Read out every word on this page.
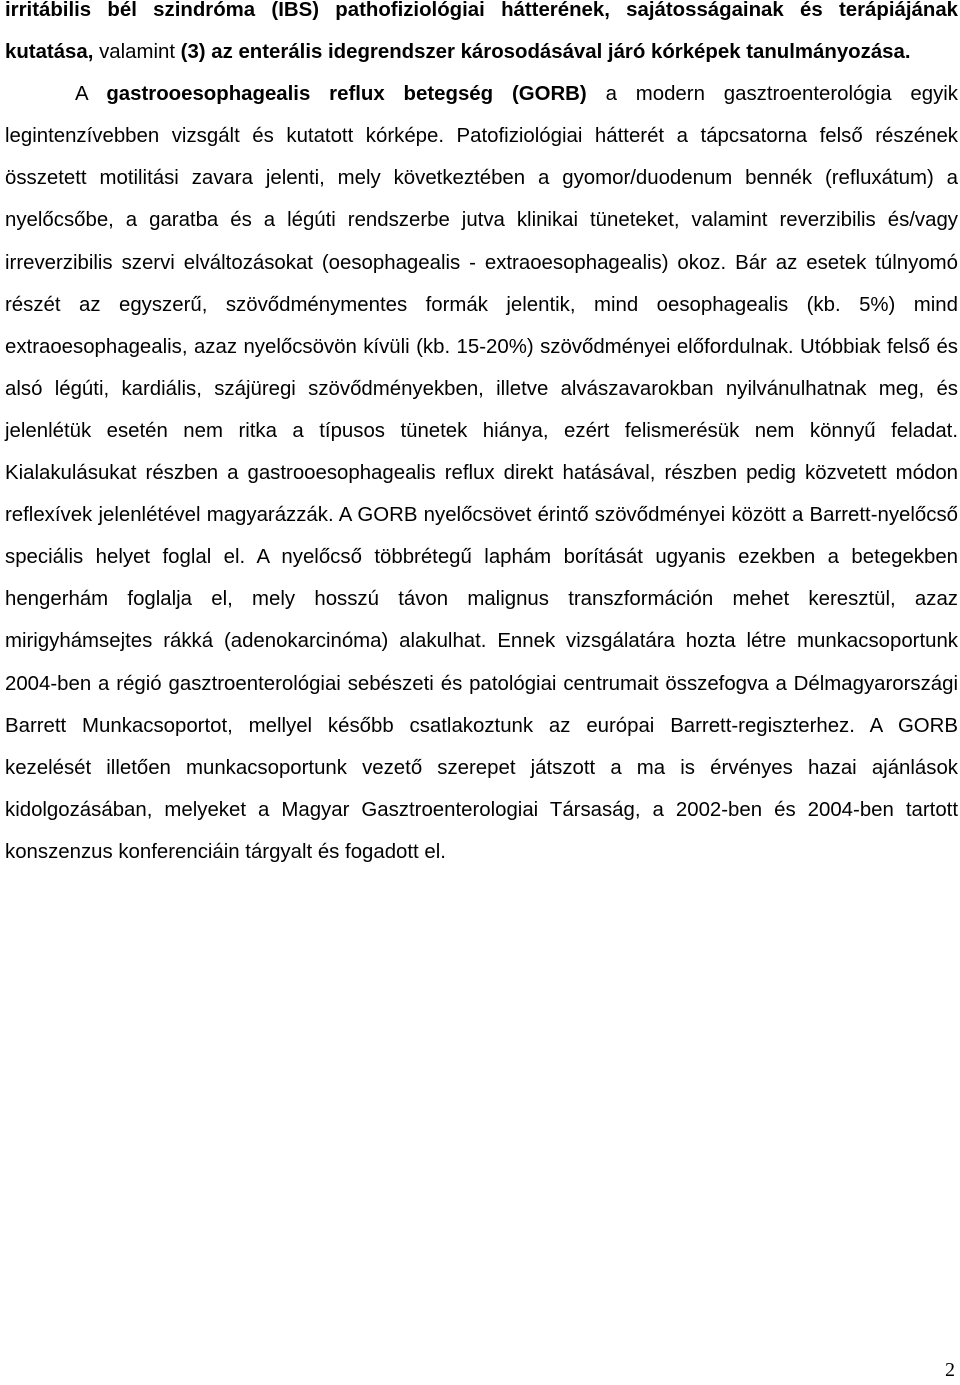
irritábilis bél szindróma (IBS) pathofiziológiai hátterének, sajátosságainak és terápiájának kutatása, valamint (3) az enterális idegrendszer károsodásával járó kórképek tanulmányozása.

A gastrooesophagealis reflux betegség (GORB) a modern gasztroenterológia egyik legintenzívebben vizsgált és kutatott kórképe. Patofiziológiai hátterét a tápcsatorna felső részének összetett motilitási zavara jelenti, mely következtében a gyomor/duodenum bennék (refluxátum) a nyelőcsőbe, a garatba és a légúti rendszerbe jutva klinikai tüneteket, valamint reverzibilis és/vagy irreverzibilis szervi elváltozásokat (oesophagealis - extraoesophagealis) okoz. Bár az esetek túlnyomó részét az egyszerű, szövődménymentes formák jelentik, mind oesophagealis (kb. 5%) mind extraoesophagealis, azaz nyelőcsövön kívüli (kb. 15-20%) szövődményei előfordulnak. Utóbbiak felső és alsó légúti, kardiális, szájüregi szövődményekben, illetve alvászavarokban nyilvánulhatnak meg, és jelenlétük esetén nem ritka a típusos tünetek hiánya, ezért felismerésük nem könnyű feladat. Kialakulásukat részben a gastrooesophagealis reflux direkt hatásával, részben pedig közvetett módon reflexívek jelenlétével magyarázzák. A GORB nyelőcsövet érintő szövődményei között a Barrett-nyelőcső speciális helyet foglal el. A nyelőcső többrétegű laphám borítását ugyanis ezekben a betegekben hengerhám foglalja el, mely hosszú távon malignus transzformáción mehet keresztül, azaz mirigyhámsejtes rákká (adenokarcinóma) alakulhat. Ennek vizsgálatára hozta létre munkacsoportunk 2004-ben a régió gasztroenterológiai sebészeti és patológiai centrumait összefogva a Délmagyarországi Barrett Munkacsoportot, mellyel később csatlakoztunk az európai Barrett-regiszterhez. A GORB kezelését illetően munkacsoportunk vezető szerepet játszott a ma is érvényes hazai ajánlások kidolgozásában, melyeket a Magyar Gasztroenterologiai Társaság, a 2002-ben és 2004-ben tartott konszenzus konferenciáin tárgyalt és fogadott el.

2
